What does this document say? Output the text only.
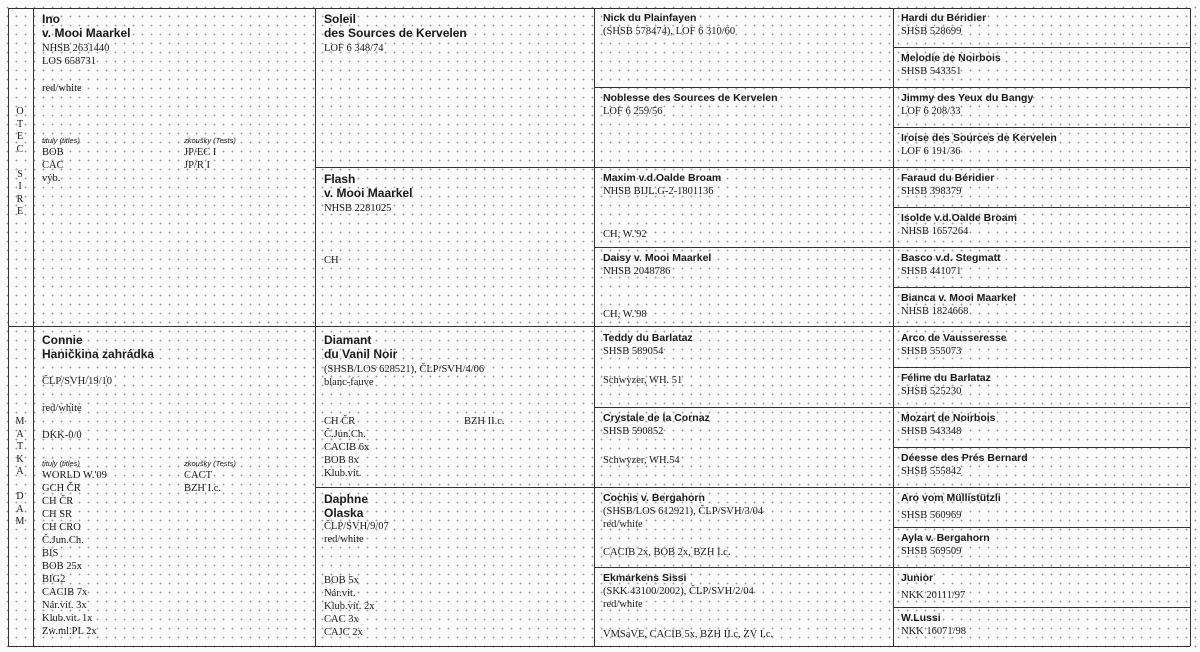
O
T
E
C

S
I
R
E
M
A
T
K
A

D
A
M
Ino
v. Mooi Maarkel
NHSB 2631440
LOS 658731
red/white
tituly (titles)
BOB
CAC
výb.
zkoušky (Tests)
JP/EC I
JP/R I
Connie
Haničkina zahrádka
ČLP/SVH/19/10
red/white
DKK-0/0
tituly (titles)
WORLD W.'09
GCH ČR
CH ČR
CH SR
CH CRO
Č.Jun.Ch.
BIS
BOB 25x
BIG2
CACIB 7x
Nár.vít. 3x
Klub.vít. 1x
Zw.ml.PL 2x
zkoušky (Tests)
CACT
BZH I.c.
Soleil
des Sources de Kervelen
LOF 6 348/74
Flash
v. Mooi Maarkel
NHSB 2281025
CH
Diamant
du Vanil Noir
(SHSB/LOS 628521), ČLP/SVH/4/06
blanc-fauve
CH ČR
Č.Jun.Ch.
CACIB 6x
BOB 8x
Klub.vít.
BZH II.c.
Daphne
Olaska
ČLP/SVH/9/07
red/white
BOB 5x
Nár.vít.
Klub.vít. 2x
CAC 3x
CAJC 2x
Nick du Plainfayen
(SHSB 578474), LOF 6 310/60
Noblesse des Sources de Kervelen
LOF 6 259/56
Maxim v.d.Oalde Broam
NHSB BIJL.G-2-1801136
CH, W.'92
Daisy v. Mooi Maarkel
NHSB 2048786
CH, W.'98
Teddy du Barlataz
SHSB 589054
Schwyzer, WH. 51
Crystale de la Cornaz
SHSB 590852
Schwyzer, WH.54
Cochis v. Bergahorn
(SHSB/LOS 612921), ČLP/SVH/3/04
red/white
CACIB 2x, BOB 2x, BZH I.c.
Ekmarkens Sissi
(SKK 43100/2002), ČLP/SVH/2/04
red/white
VMSaVE, CACIB 5x, BZH II.c, ZV I.c.
Hardi du Béridier
SHSB 528699
Melodie de Noirbois
SHSB 543351
Jimmy des Yeux du Bangy
LOF 6 208/33
Iroise des Sources de Kervelen
LOF 6 191/36
Faraud du Béridier
SHSB 398379
Isolde v.d.Oalde Broam
NHSB 1657264
Basco v.d. Stegmatt
SHSB 441071
Bianca v. Mooi Maarkel
NHSB 1824668
Arco de Vausseresse
SHSB 555073
Féline du Barlataz
SHSB 525230
Mozart de Noirbois
SHSB 543348
Déesse des Prés Bernard
SHSB 555842
Aro vom Müllistützli
SHSB 560969
Ayla v. Bergahorn
SHSB 569509
Junior
NKK 20111/97
W.Lussi
NKK 16071/98
